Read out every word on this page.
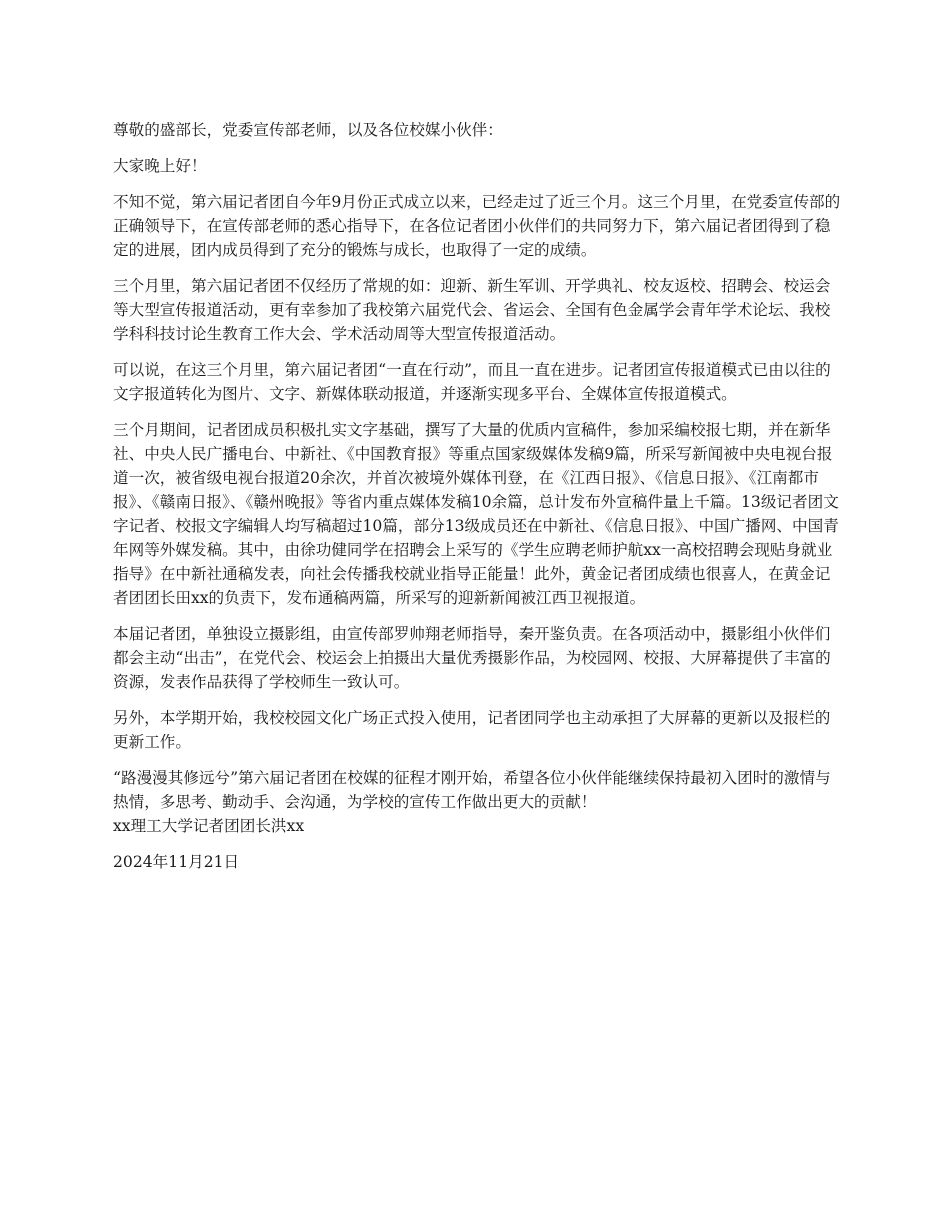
尊敬的盛部长，党委宣传部老师，以及各位校媒小伙伴：

大家晚上好！

不知不觉，第六届记者团自今年9月份正式成立以来，已经走过了近三个月。这三个月里，在党委宣传部的正确领导下，在宣传部老师的悉心指导下，在各位记者团小伙伴们的共同努力下，第六届记者团得到了稳定的进展，团内成员得到了充分的锻炼与成长，也取得了一定的成绩。

三个月里，第六届记者团不仅经历了常规的如：迎新、新生军训、开学典礼、校友返校、招聘会、校运会等大型宣传报道活动，更有幸参加了我校第六届党代会、省运会、全国有色金属学会青年学术论坛、我校学科科技讨论生教育工作大会、学术活动周等大型宣传报道活动。

可以说，在这三个月里，第六届记者团“一直在行动”，而且一直在进步。记者团宣传报道模式已由以往的文字报道转化为图片、文字、新媒体联动报道，并逐渐实现多平台、全媒体宣传报道模式。

三个月期间，记者团成员积极扎实文字基础，撰写了大量的优质内宣稿件，参加采编校报七期，并在新华社、中央人民广播电台、中新社、《中国教育报》等重点国家级媒体发稿9篇，所采写新闻被中央电视台报道一次，被省级电视台报道20余次，并首次被境外媒体刊登，在《江西日报》、《信息日报》、《江南都市报》、《赣南日报》、《赣州晚报》等省内重点媒体发稿10余篇，总计发布外宣稿件量上千篇。13级记者团文字记者、校报文字编辑人均写稿超过10篇，部分13级成员还在中新社、《信息日报》、中国广播网、中国青年网等外媒发稿。其中，由徐功健同学在招聘会上采写的《学生应聘老师护航xx一高校招聘会现贴身就业指导》在中新社通稿发表，向社会传播我校就业指导正能量！此外，黄金记者团成绩也很喜人，在黄金记者团团长田xx的负责下，发布通稿两篇，所采写的迎新新闻被江西卫视报道。

本届记者团，单独设立摄影组，由宣传部罗帅翔老师指导，秦开鉴负责。在各项活动中，摄影组小伙伴们都会主动“出击”，在党代会、校运会上拍摄出大量优秀摄影作品，为校园网、校报、大屏幕提供了丰富的资源，发表作品获得了学校师生一致认可。

另外，本学期开始，我校校园文化广场正式投入使用，记者团同学也主动承担了大屏幕的更新以及报栏的更新工作。

“路漫漫其修远兮”第六届记者团在校媒的征程才刚开始，希望各位小伙伴能继续保持最初入团时的激情与热情，多思考、勤动手、会沟通，为学校的宣传工作做出更大的贡献！

xx理工大学记者团团长洪xx

2024年11月21日
